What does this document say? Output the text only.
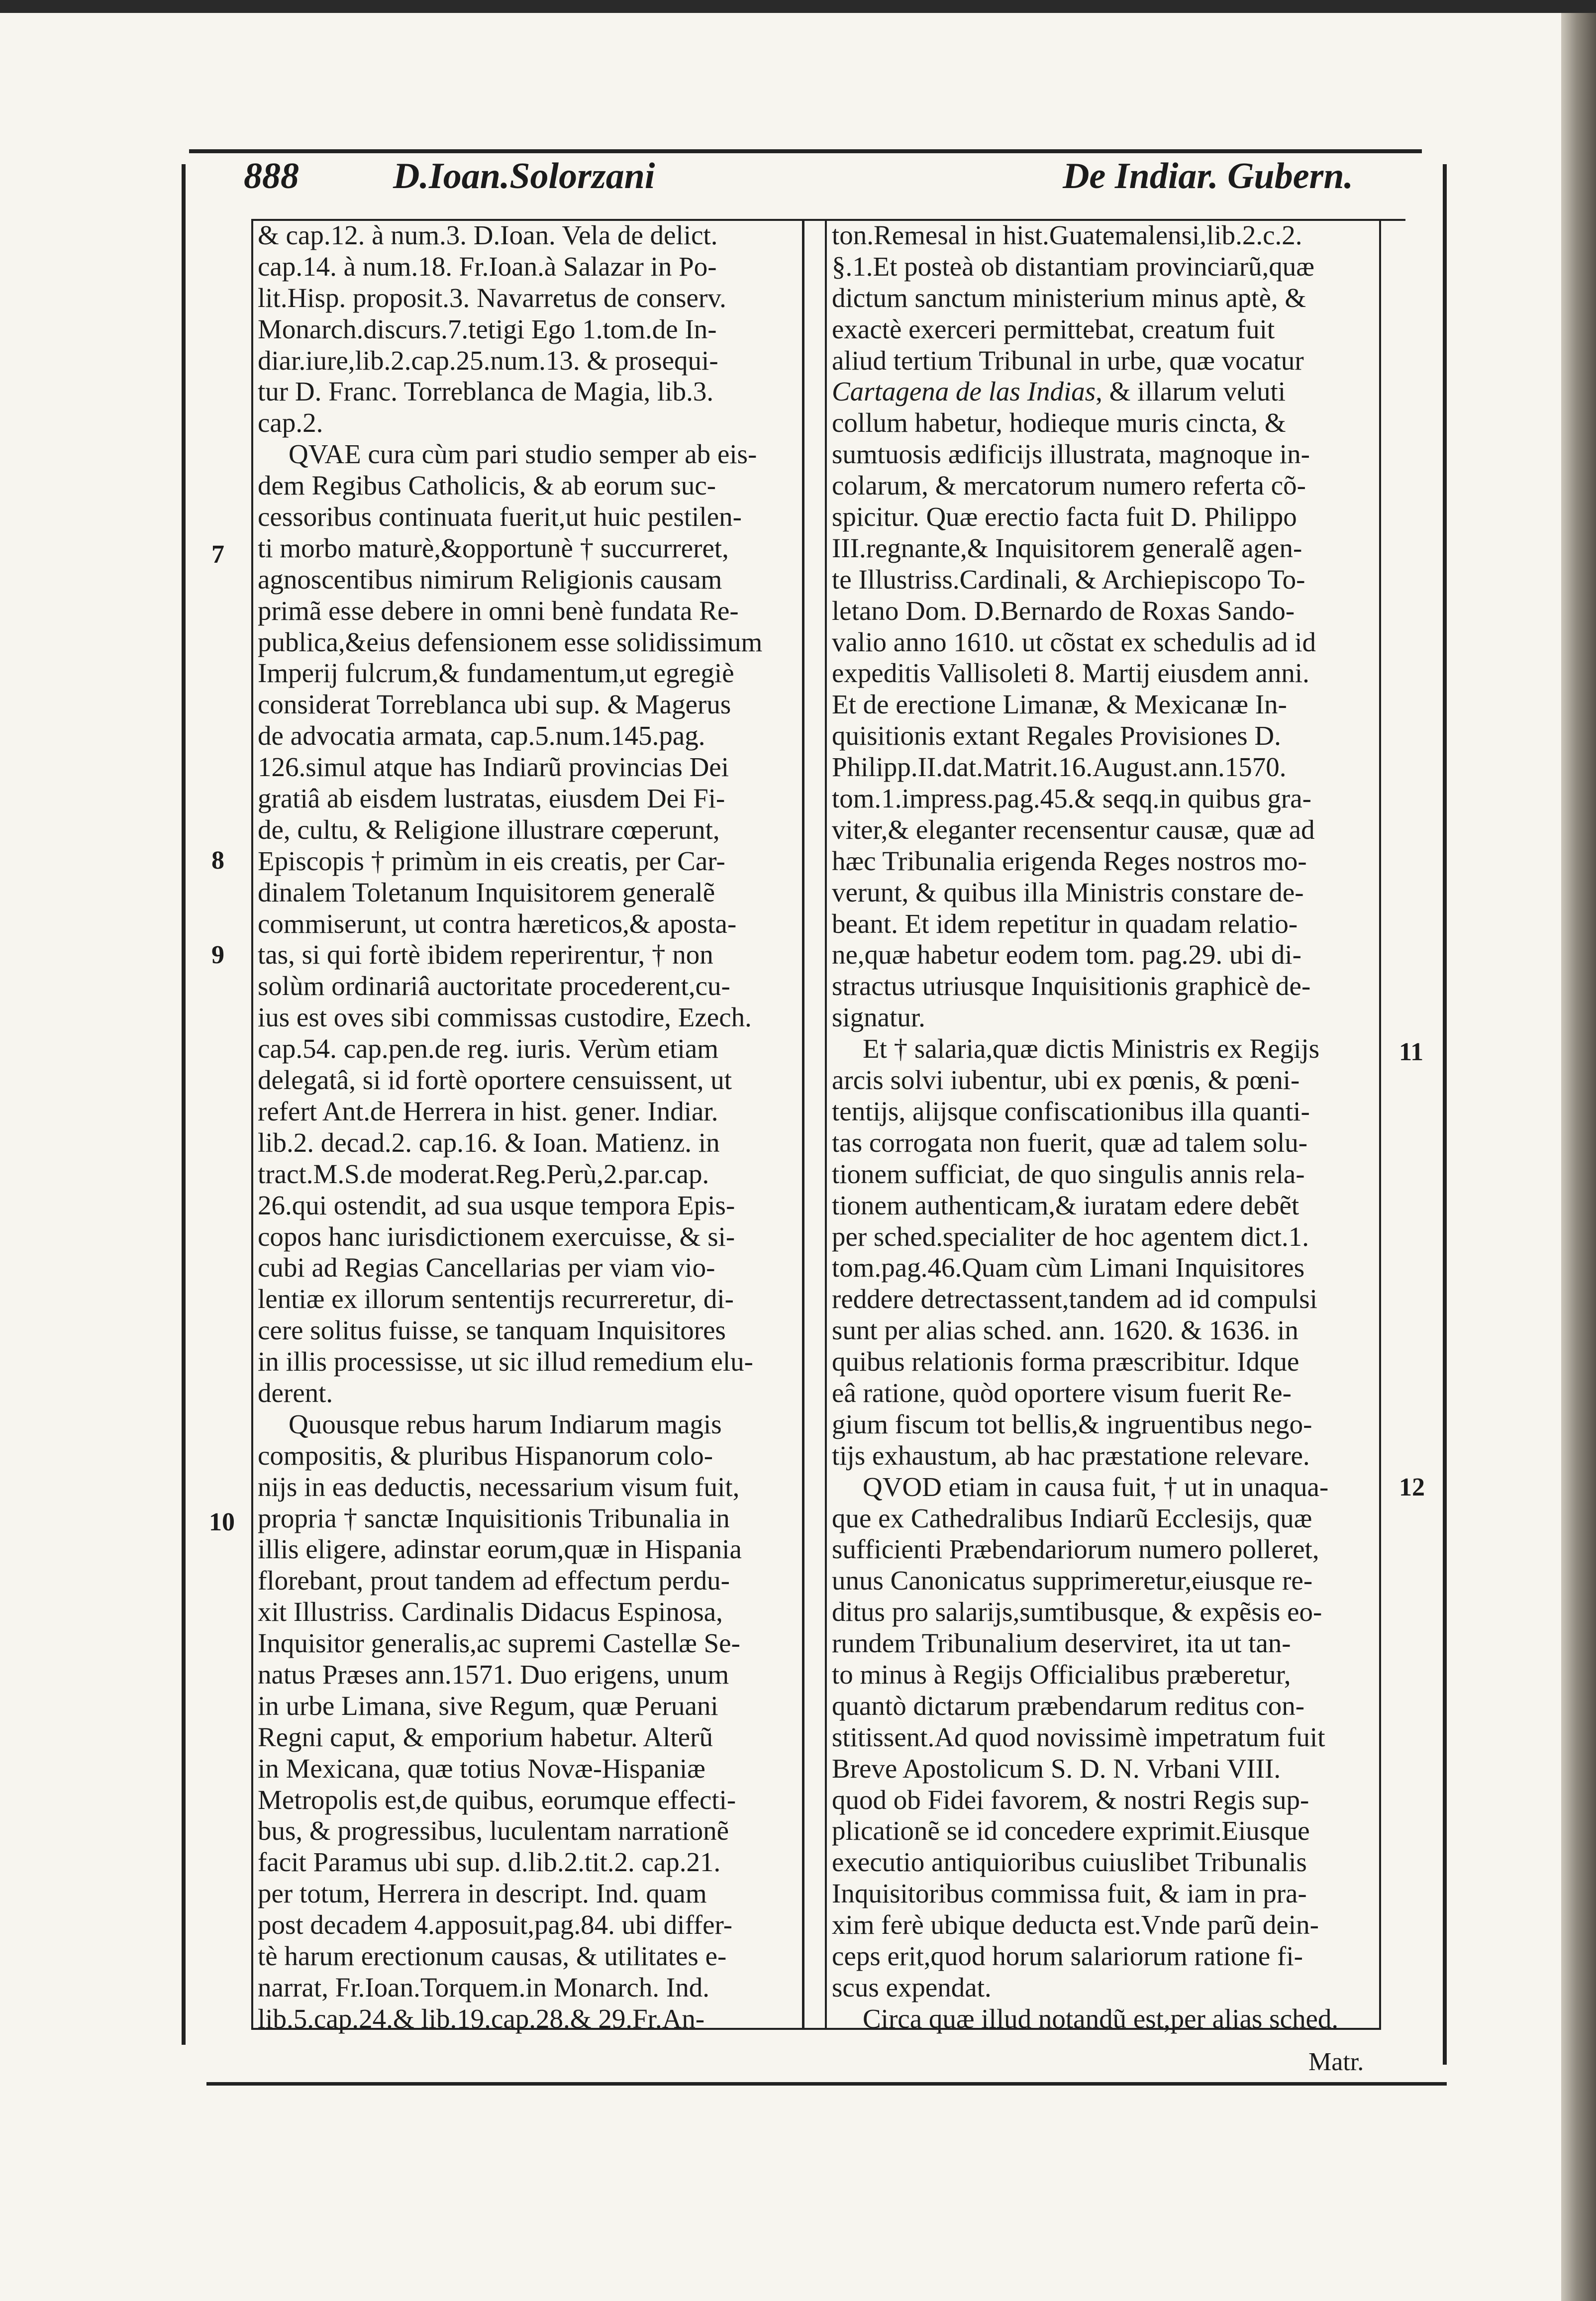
888	D.Ioan.Solorzani	De Indiar. Gubern.
& cap.12. à num.3. D.Ioan. Vela de delict.
cap.14. à num.18. Fr.Ioan.à Salazar in Po-
lit.Hisp. proposit.3. Navarretus de conserv.
Monarch.discurs.7.tetigi Ego 1.tom.de In-
diar.iure,lib.2.cap.25.num.13. & prosequi-
tur D. Franc. Torreblanca de Magia, lib.3.
cap.2.
QVAE cura cùm pari studio semper ab eis-
dem Regibus Catholicis, & ab eorum suc-
cessoribus continuata fuerit,ut huic pestilen-
ti morbo maturè,&opportunè † succurreret,
agnoscentibus nimirum Religionis causam
primã esse debere in omni benè fundata Re-
publica,&eius defensionem esse solidissimum
Imperij fulcrum,& fundamentum,ut egregiè
considerat Torreblanca ubi sup. & Magerus
de advocatia armata, cap.5.num.145.pag.
126.simul atque has Indiarũ provincias Dei
gratiâ ab eisdem lustratas, eiusdem Dei Fi-
de, cultu, & Religione illustrare cœperunt,
Episcopis † primùm in eis creatis, per Car-
dinalem Toletanum Inquisitorem generalẽ
commiserunt, ut contra hæreticos,& aposta-
tas, si qui fortè ibidem reperirentur, † non
solùm ordinariâ auctoritate procederent,cu-
ius est oves sibi commissas custodire, Ezech.
cap.54. cap.pen.de reg. iuris. Verùm etiam
delegatâ, si id fortè oportere censuissent, ut
refert Ant.de Herrera in hist. gener. Indiar.
lib.2. decad.2. cap.16. & Ioan. Matienz. in
tract.M.S.de moderat.Reg.Perù,2.par.cap.
26.qui ostendit, ad sua usque tempora Epis-
copos hanc iurisdictionem exercuisse, & si-
cubi ad Regias Cancellarias per viam vio-
lentiæ ex illorum sententijs recurreretur, di-
cere solitus fuisse, se tanquam Inquisitores
in illis processisse, ut sic illud remedium elu-
derent.
Quousque rebus harum Indiarum magis
compositis, & pluribus Hispanorum colo-
nijs in eas deductis, necessarium visum fuit,
propria † sanctæ Inquisitionis Tribunalia in
illis eligere, adinstar eorum,quæ in Hispania
florebant, prout tandem ad effectum perdu-
xit Illustriss. Cardinalis Didacus Espinosa,
Inquisitor generalis,ac supremi Castellæ Se-
natus Præses ann.1571. Duo erigens, unum
in urbe Limana, sive Regum, quæ Peruani
Regni caput, & emporium habetur. Alterũ
in Mexicana, quæ totius Novæ-Hispaniæ
Metropolis est,de quibus, eorumque effecti-
bus, & progressibus, luculentam narrationẽ
facit Paramus ubi sup. d.lib.2.tit.2. cap.21.
per totum, Herrera in descript. Ind. quam
post decadem 4.apposuit,pag.84. ubi differ-
tè harum erectionum causas, & utilitates e-
narrat, Fr.Ioan.Torquem.in Monarch. Ind.
lib.5.cap.24.& lib.19.cap.28.& 29.Fr.An-
ton.Remesal in hist.Guatemalensi,lib.2.c.2.
§.1.Et posteà ob distantiam provinciarũ,quæ
dictum sanctum ministerium minus aptè, &
exactè exerceri permittebat, creatum fuit
aliud tertium Tribunal in urbe, quæ vocatur
Cartagena de las Indias, & illarum veluti
collum habetur, hodieque muris cincta, &
sumtuosis ædificijs illustrata, magnoque in-
colarum, & mercatorum numero referta cõ-
spicitur. Quæ erectio facta fuit D. Philippo
III.regnante,& Inquisitorem generalẽ agen-
te Illustriss.Cardinali, & Archiepiscopo To-
letano Dom. D.Bernardo de Roxas Sando-
valio anno 1610. ut cõstat ex schedulis ad id
expeditis Vallisoleti 8. Martij eiusdem anni.
Et de erectione Limanæ, & Mexicanæ In-
quisitionis extant Regales Provisiones D.
Philipp.II.dat.Matrit.16.August.ann.1570.
tom.1.impress.pag.45.& seqq.in quibus gra-
viter,& eleganter recensentur causæ, quæ ad
hæc Tribunalia erigenda Reges nostros mo-
verunt, & quibus illa Ministris constare de-
beant. Et idem repetitur in quadam relatio-
ne,quæ habetur eodem tom. pag.29. ubi di-
stractus utriusque Inquisitionis graphicè de-
signatur.
Et † salaria,quæ dictis Ministris ex Regijs
arcis solvi iubentur, ubi ex pœnis, & pœni-
tentijs, alijsque confiscationibus illa quanti-
tas corrogata non fuerit, quæ ad talem solu-
tionem sufficiat, de quo singulis annis rela-
tionem authenticam,& iuratam edere debẽt
per sched.specialiter de hoc agentem dict.1.
tom.pag.46.Quam cùm Limani Inquisitores
reddere detrectassent,tandem ad id compulsi
sunt per alias sched. ann. 1620. & 1636. in
quibus relationis forma præscribitur. Idque
eâ ratione, quòd oportere visum fuerit Re-
gium fiscum tot bellis,& ingruentibus nego-
tijs exhaustum, ab hac præstatione relevare.
QVOD etiam in causa fuit, † ut in unaqua-
que ex Cathedralibus Indiarũ Ecclesijs, quæ
sufficienti Præbendariorum numero polleret,
unus Canonicatus supprimeretur,eiusque re-
ditus pro salarijs,sumtibusque, & expẽsis eo-
rundem Tribunalium deserviret, ita ut tan-
to minus à Regijs Officialibus præberetur,
quantò dictarum præbendarum reditus con-
stitissent.Ad quod novissimè impetratum fuit
Breve Apostolicum S. D. N. Vrbani VIII.
quod ob Fidei favorem, & nostri Regis sup-
plicationẽ se id concedere exprimit.Eiusque
executio antiquioribus cuiuslibet Tribunalis
Inquisitoribus commissa fuit, & iam in pra-
xim ferè ubique deducta est.Vnde parũ dein-
ceps erit,quod horum salariorum ratione fi-
scus expendat.
Circa quæ illud notandũ est,per alias sched.
7
8
9
10
11
12
Matr.
